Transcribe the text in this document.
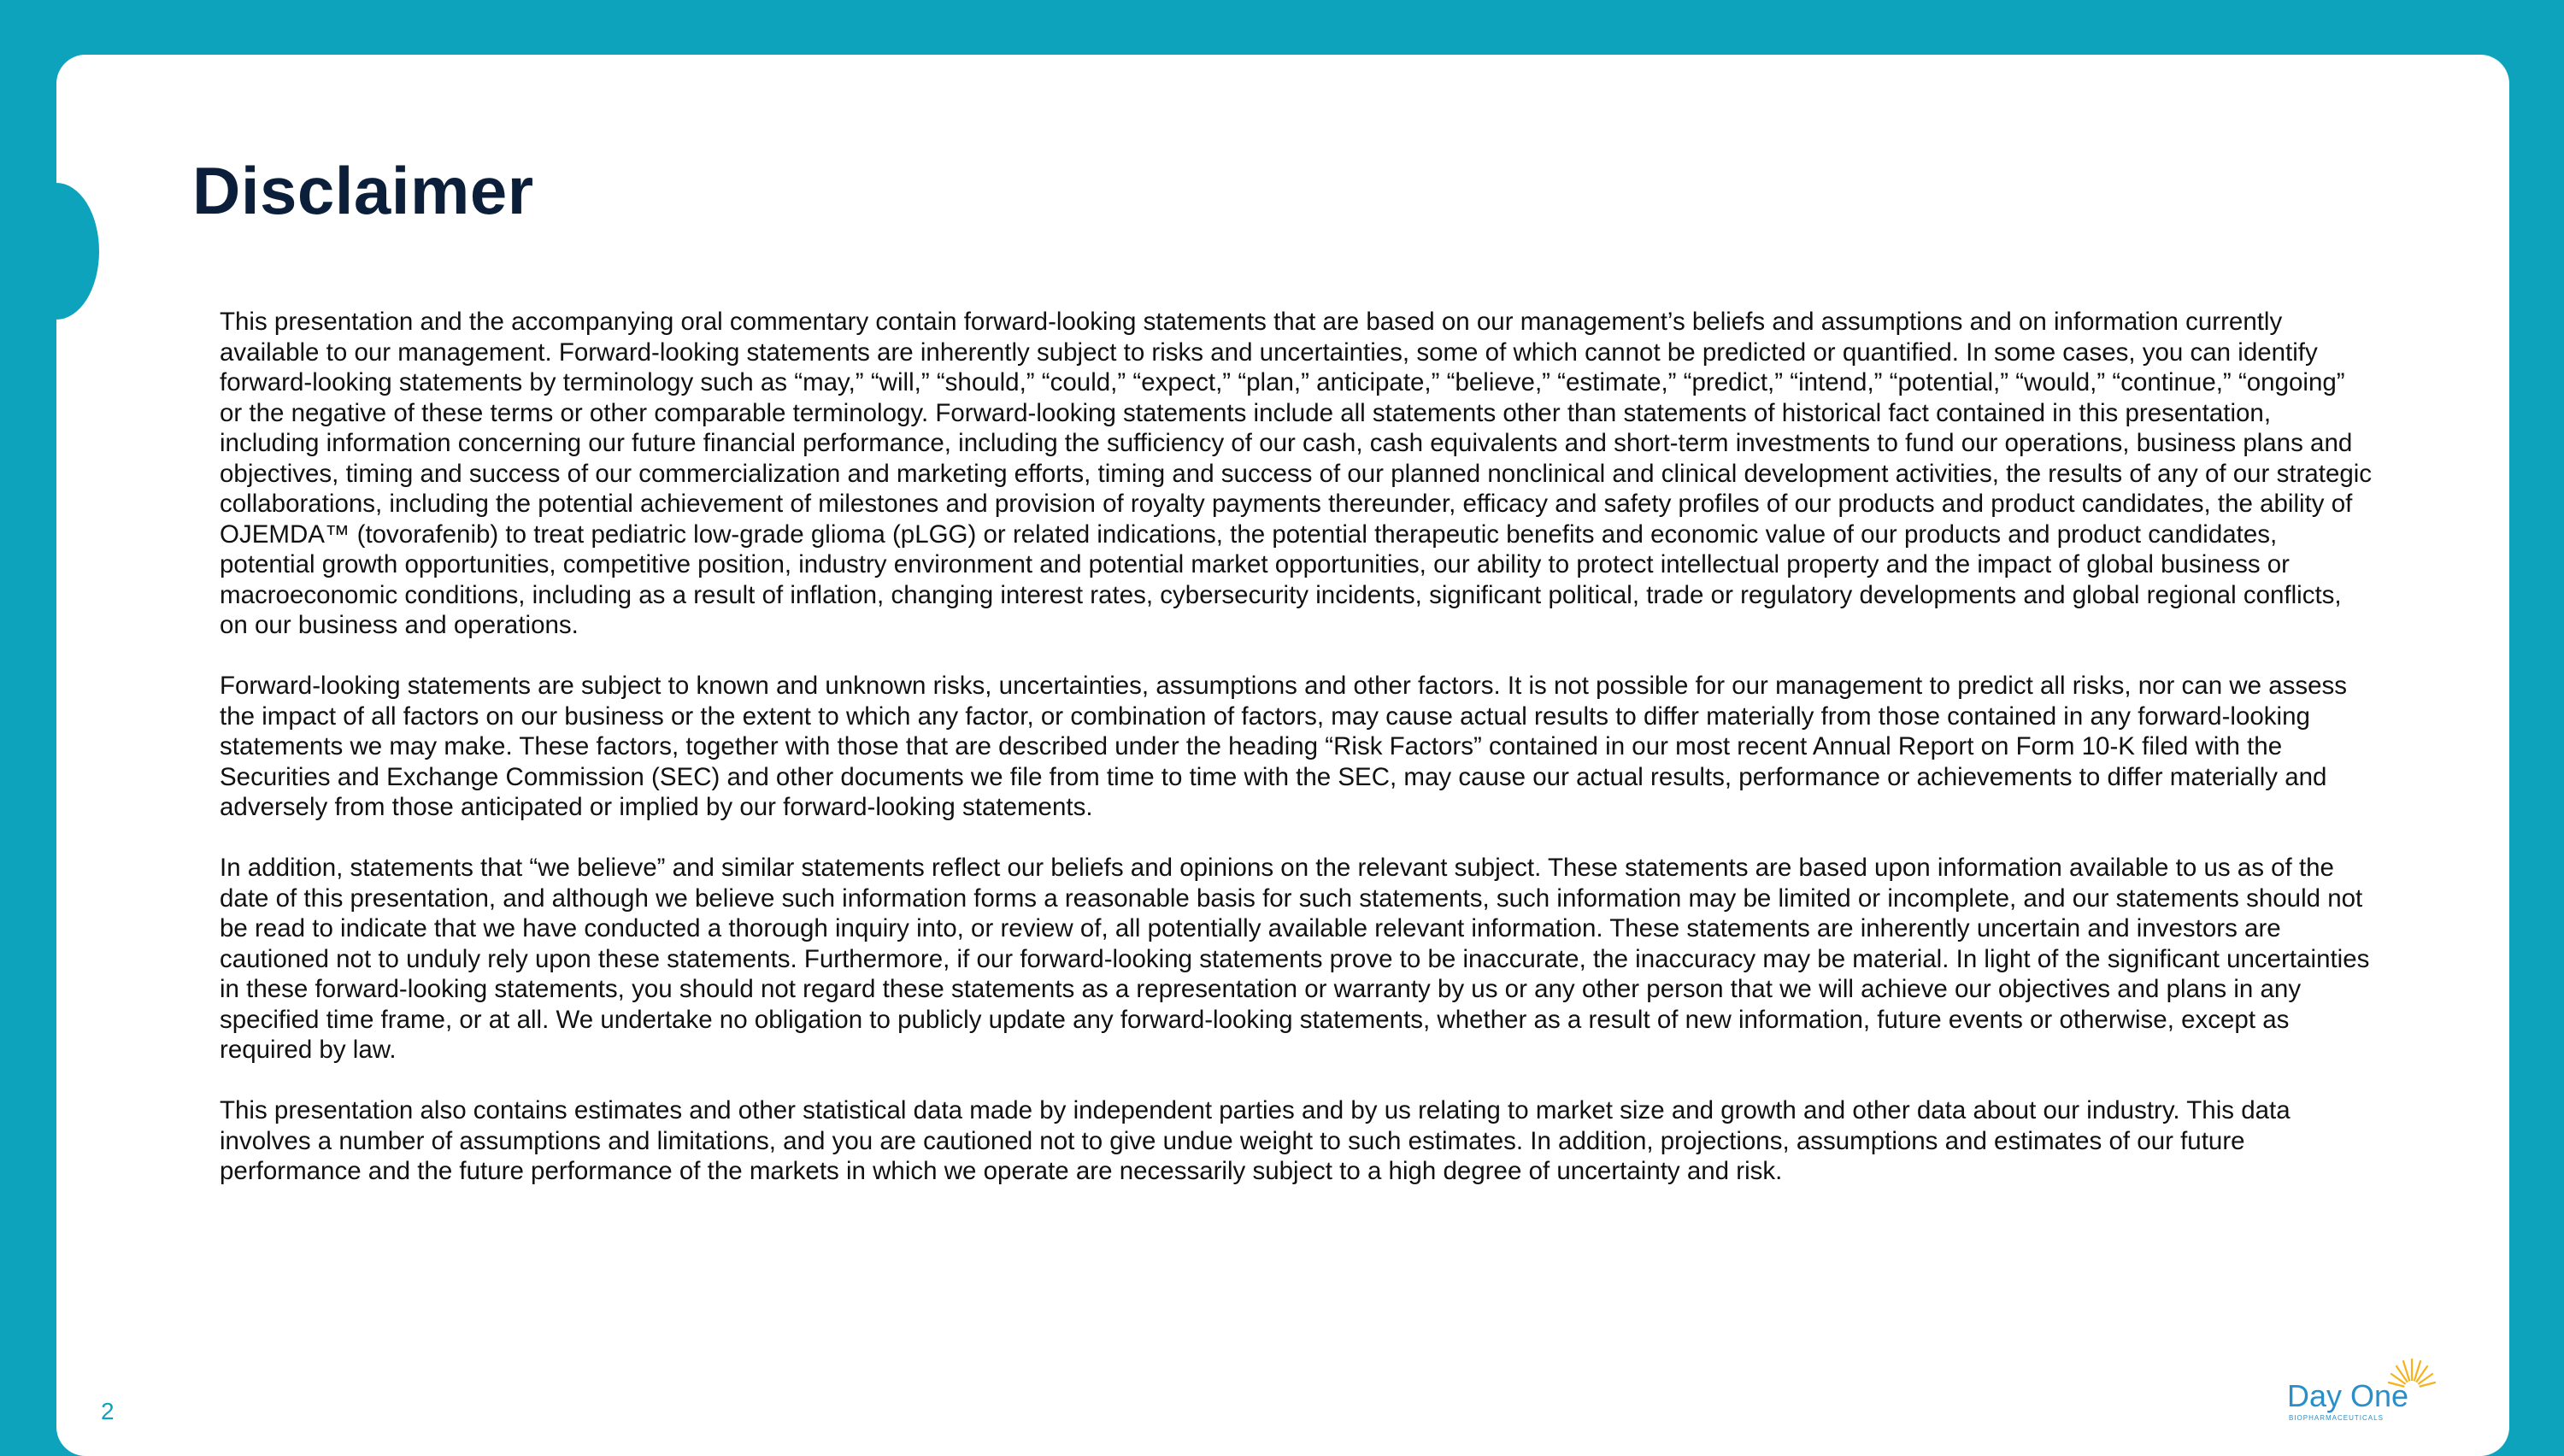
Disclaimer

This presentation and the accompanying oral commentary contain forward-looking statements that are based on our management’s beliefs and assumptions and on information currently available to our management. Forward-looking statements are inherently subject to risks and uncertainties, some of which cannot be predicted or quantified. In some cases, you can identify forward-looking statements by terminology such as “may,” “will,” “should,” “could,” “expect,” “plan,” anticipate,” “believe,” “estimate,” “predict,” “intend,” “potential,” “would,” “continue,” “ongoing” or the negative of these terms or other comparable terminology. Forward-looking statements include all statements other than statements of historical fact contained in this presentation, including information concerning our future financial performance, including the sufficiency of our cash, cash equivalents and short-term investments to fund our operations, business plans and objectives, timing and success of our commercialization and marketing efforts, timing and success of our planned nonclinical and clinical development activities, the results of any of our strategic collaborations, including the potential achievement of milestones and provision of royalty payments thereunder, efficacy and safety profiles of our products and product candidates, the ability of OJEMDA™ (tovorafenib) to treat pediatric low-grade glioma (pLGG) or related indications, the potential therapeutic benefits and economic value of our products and product candidates, potential growth opportunities, competitive position, industry environment and potential market opportunities, our ability to protect intellectual property and the impact of global business or macroeconomic conditions, including as a result of inflation, changing interest rates, cybersecurity incidents, significant political, trade or regulatory developments and global regional conflicts, on our business and operations.

Forward-looking statements are subject to known and unknown risks, uncertainties, assumptions and other factors. It is not possible for our management to predict all risks, nor can we assess the impact of all factors on our business or the extent to which any factor, or combination of factors, may cause actual results to differ materially from those contained in any forward-looking statements we may make. These factors, together with those that are described under the heading “Risk Factors” contained in our most recent Annual Report on Form 10-K filed with the Securities and Exchange Commission (SEC) and other documents we file from time to time with the SEC, may cause our actual results, performance or achievements to differ materially and adversely from those anticipated or implied by our forward-looking statements.

In addition, statements that “we believe” and similar statements reflect our beliefs and opinions on the relevant subject. These statements are based upon information available to us as of the date of this presentation, and although we believe such information forms a reasonable basis for such statements, such information may be limited or incomplete, and our statements should not be read to indicate that we have conducted a thorough inquiry into, or review of, all potentially available relevant information. These statements are inherently uncertain and investors are cautioned not to unduly rely upon these statements. Furthermore, if our forward-looking statements prove to be inaccurate, the inaccuracy may be material. In light of the significant uncertainties in these forward-looking statements, you should not regard these statements as a representation or warranty by us or any other person that we will achieve our objectives and plans in any specified time frame, or at all. We undertake no obligation to publicly update any forward-looking statements, whether as a result of new information, future events or otherwise, except as required by law.

This presentation also contains estimates and other statistical data made by independent parties and by us relating to market size and growth and other data about our industry. This data involves a number of assumptions and limitations, and you are cautioned not to give undue weight to such estimates. In addition, projections, assumptions and estimates of our future performance and the future performance of the markets in which we operate are necessarily subject to a high degree of uncertainty and risk.

2	Day One
BIOPHARMACEUTICALS
